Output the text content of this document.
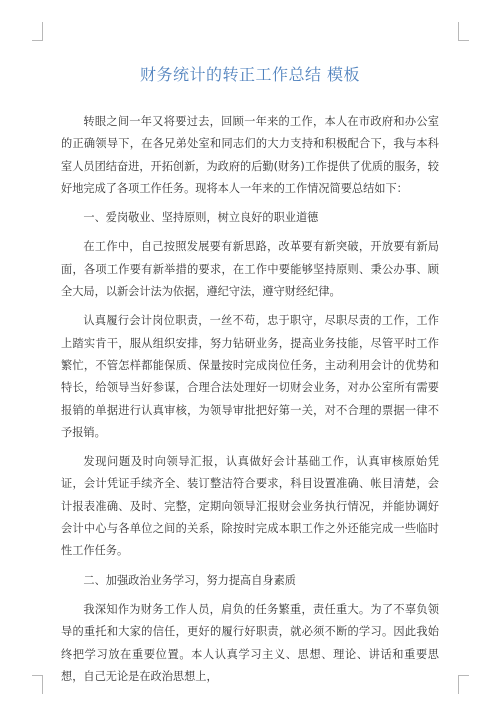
财务统计的转正工作总结 模板

转眼之间一年又将要过去，回顾一年来的工作，本人在市政府和办公室的正确领导下，在各兄弟处室和同志们的大力支持和积极配合下，我与本科室人员团结奋进，开拓创新，为政府的后勤(财务)工作提供了优质的服务，较好地完成了各项工作任务。现将本人一年来的工作情况简要总结如下：

一、爱岗敬业、坚持原则，树立良好的职业道德

在工作中，自己按照发展要有新思路，改革要有新突破，开放要有新局面，各项工作要有新举措的要求，在工作中要能够坚持原则、秉公办事、顾全大局，以新会计法为依据，遵纪守法，遵守财经纪律。

认真履行会计岗位职责，一丝不苟，忠于职守，尽职尽责的工作，工作上踏实肯干，服从组织安排，努力钻研业务，提高业务技能，尽管平时工作繁忙，不管怎样都能保质、保量按时完成岗位任务，主动利用会计的优势和特长，给领导当好参谋，合理合法处理好一切财会业务，对办公室所有需要报销的单据进行认真审核，为领导审批把好第一关，对不合理的票据一律不予报销。

发现问题及时向领导汇报，认真做好会计基础工作，认真审核原始凭证，会计凭证手续齐全、装订整洁符合要求，科目设置准确、帐目清楚，会计报表准确、及时、完整，定期向领导汇报财会业务执行情况，并能协调好会计中心与各单位之间的关系，除按时完成本职工作之外还能完成一些临时性工作任务。

二、加强政治业务学习，努力提高自身素质

我深知作为财务工作人员，肩负的任务繁重，责任重大。为了不辜负领导的重托和大家的信任，更好的履行好职责，就必须不断的学习。因此我始终把学习放在重要位置。本人认真学习主义、思想、理论、讲话和重要思想，自己无论是在政治思想上，
